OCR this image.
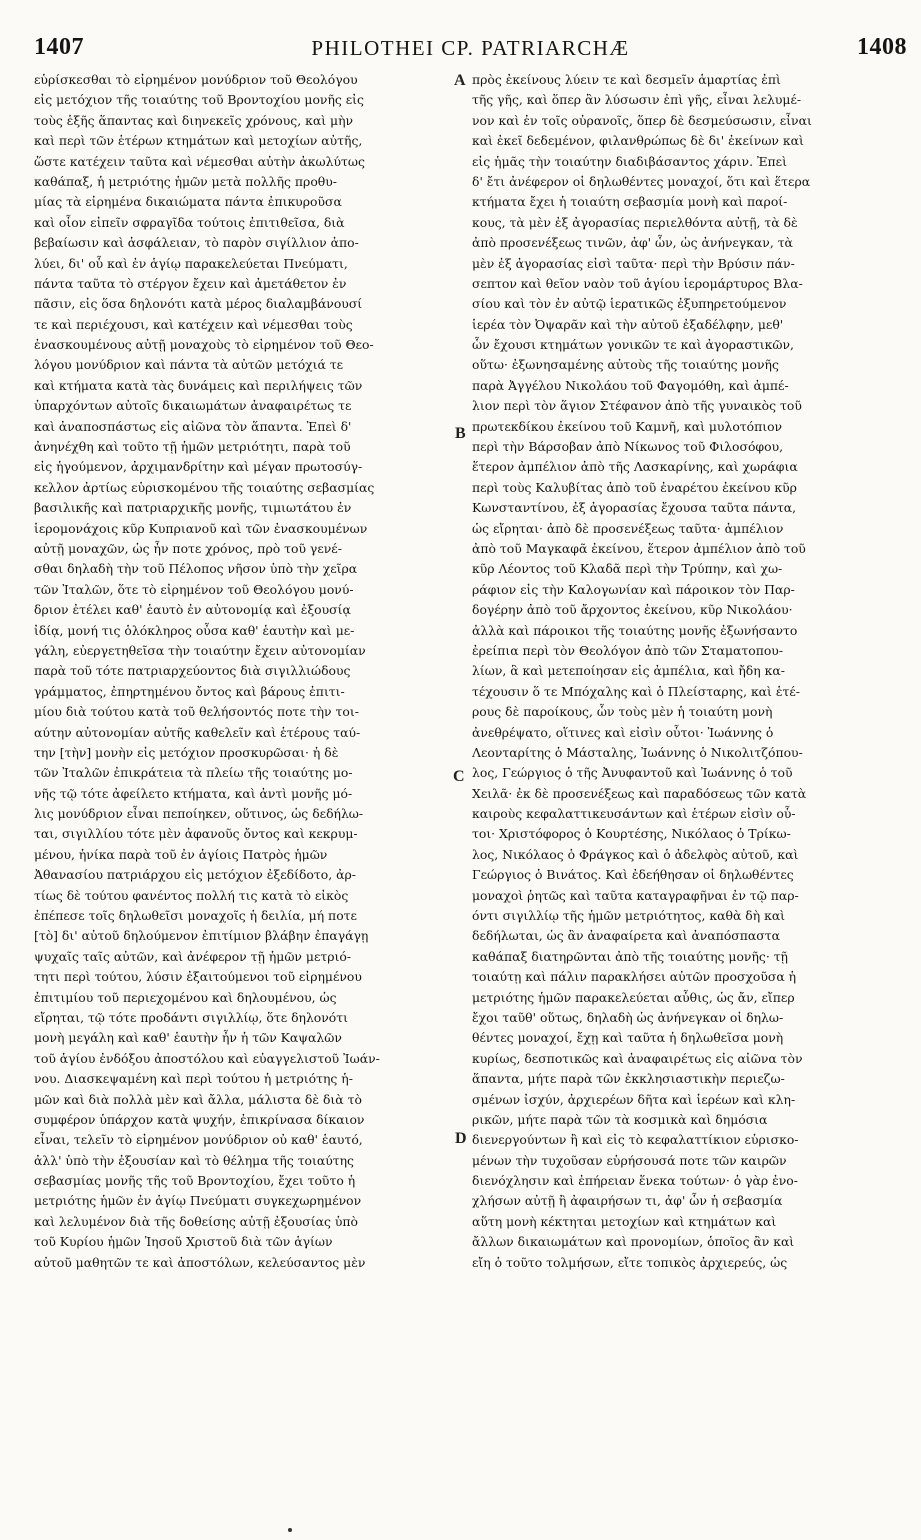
1407	PHILOTHEI CP. PATRIARCHÆ	1408
εὑρίσκεσθαι τὸ εἰρημένον μονύδριον τοῦ Θεολόγου
εἰς μετόχιον τῆς τοιαύτης τοῦ Βροντοχίου μονῆς εἰς
τοὺς ἑξῆς ἅπαντας καὶ διηνεκεῖς χρόνους, καὶ μὴν
καὶ περὶ τῶν ἑτέρων κτημάτων καὶ μετοχίων αὐτῆς,
ὥστε κατέχειν ταῦτα καὶ νέμεσθαι αὐτὴν ἀκωλύτως
καθάπαξ, ἡ μετριότης ἡμῶν μετὰ πολλῆς προθυ-
μίας τὰ εἰρημένα δικαιώματα πάντα ἐπικυροῦσα
καὶ οἷον εἰπεῖν σφραγῖδα τούτοις ἐπιτιθεῖσα, διὰ
βεβαίωσιν καὶ ἀσφάλειαν, τὸ παρὸν σιγίλλιον ἀπο-
λύει, δι' οὗ καὶ ἐν ἁγίῳ παρακελεύεται Πνεύματι,
πάντα ταῦτα τὸ στέργον ἔχειν καὶ ἀμετάθετον ἐν
πᾶσιν, εἰς ὅσα δηλονότι κατὰ μέρος διαλαμβάνουσί
τε καὶ περιέχουσι, καὶ κατέχειν καὶ νέμεσθαι τοὺς
ἐνασκουμένους αὐτῇ μοναχοὺς τὸ εἰρημένον τοῦ Θεο-
λόγου μονύδριον καὶ πάντα τὰ αὐτῶν μετόχιά τε
καὶ κτήματα κατὰ τὰς δυνάμεις καὶ περιλήψεις τῶν
ὑπαρχόντων αὐτοῖς δικαιωμάτων ἀναφαιρέτως τε
καὶ ἀναποσπάστως εἰς αἰῶνα τὸν ἅπαντα. Ἐπεὶ δ'
ἀνηνέχθη καὶ τοῦτο τῇ ἡμῶν μετριότητι, παρὰ τοῦ
εἰς ἡγούμενον, ἀρχιμανδρίτην καὶ μέγαν πρωτοσύγ-
κελλον ἀρτίως εὑρισκομένου τῆς τοιαύτης σεβασμίας
βασιλικῆς καὶ πατριαρχικῆς μονῆς, τιμιωτάτου ἐν
ἱερομονάχοις κῦρ Κυπριανοῦ καὶ τῶν ἐνασκουμένων
αὐτῇ μοναχῶν, ὡς ἦν ποτε χρόνος, πρὸ τοῦ γενέ-
σθαι δηλαδὴ τὴν τοῦ Πέλοπος νῆσον ὑπὸ τὴν χεῖρα
τῶν Ἰταλῶν, ὅτε τὸ εἰρημένον τοῦ Θεολόγου μονύ-
δριον ἐτέλει καθ' ἑαυτὸ ἐν αὐτονομίᾳ καὶ ἐξουσίᾳ
ἰδίᾳ, μονή τις ὁλόκληρος οὖσα καθ' ἑαυτὴν καὶ με-
γάλη, εὐεργετηθεῖσα τὴν τοιαύτην ἔχειν αὐτονομίαν
παρὰ τοῦ τότε πατριαρχεύοντος διὰ σιγιλλιώδους
γράμματος, ἐπηρτημένου ὄντος καὶ βάρους ἐπιτι-
μίου διὰ τούτου κατὰ τοῦ θελήσοντός ποτε τὴν τοι-
αύτην αὐτονομίαν αὐτῆς καθελεῖν καὶ ἑτέρους ταύ-
την [τὴν] μονὴν εἰς μετόχιον προσκυρῶσαι· ἡ δὲ
τῶν Ἰταλῶν ἐπικράτεια τὰ πλείω τῆς τοιαύτης μο-
νῆς τῷ τότε ἀφείλετο κτήματα, καὶ ἀντὶ μονῆς μό-
λις μονύδριον εἶναι πεποίηκεν, οὕτινος, ὡς δεδήλω-
ται, σιγιλλίου τότε μὲν ἀφανοῦς ὄντος καὶ κεκρυμ-
μένου, ἡνίκα παρὰ τοῦ ἐν ἁγίοις Πατρὸς ἡμῶν
Ἀθανασίου πατριάρχου εἰς μετόχιον ἐξεδίδοτο, ἀρ-
τίως δὲ τούτου φανέντος πολλή τις κατὰ τὸ εἰκὸς
ἐπέπεσε τοῖς δηλωθεῖσι μοναχοῖς ἡ δειλία, μή ποτε
[τὸ] δι' αὐτοῦ δηλούμενον ἐπιτίμιον βλάβην ἐπαγάγῃ
ψυχαῖς ταῖς αὐτῶν, καὶ ἀνέφερον τῇ ἡμῶν μετριό-
τητι περὶ τούτου, λύσιν ἐξαιτούμενοι τοῦ εἰρημένου
ἐπιτιμίου τοῦ περιεχομένου καὶ δηλουμένου, ὡς
εἴρηται, τῷ τότε προδάντι σιγιλλίῳ, ὅτε δηλονότι
μονὴ μεγάλη καὶ καθ' ἑαυτὴν ἦν ἡ τῶν Καψαλῶν
τοῦ ἁγίου ἐνδόξου ἀποστόλου καὶ εὐαγγελιστοῦ Ἰωάν-
νου. Διασκεψαμένη καὶ περὶ τούτου ἡ μετριότης ἡ-
μῶν καὶ διὰ πολλὰ μὲν καὶ ἄλλα, μάλιστα δὲ διὰ τὸ
συμφέρον ὑπάρχον κατὰ ψυχήν, ἐπικρίνασα δίκαιον
εἶναι, τελεῖν τὸ εἰρημένον μονύδριον οὐ καθ' ἑαυτό,
ἀλλ' ὑπὸ τὴν ἐξουσίαν καὶ τὸ θέλημα τῆς τοιαύτης
σεβασμίας μονῆς τῆς τοῦ Βροντοχίου, ἔχει τοῦτο ἡ
μετριότης ἡμῶν ἐν ἁγίῳ Πνεύματι συγκεχωρημένον
καὶ λελυμένον διὰ τῆς δοθείσης αὐτῇ ἐξουσίας ὑπὸ
τοῦ Κυρίου ἡμῶν Ἰησοῦ Χριστοῦ διὰ τῶν ἁγίων
αὐτοῦ μαθητῶν τε καὶ ἀποστόλων, κελεύσαντος μὲν
πρὸς ἐκείνους λύειν τε καὶ δεσμεῖν ἁμαρτίας ἐπὶ
τῆς γῆς, καὶ ὅπερ ἂν λύσωσιν ἐπὶ γῆς, εἶναι λελυμέ-
νον καὶ ἐν τοῖς οὐρανοῖς, ὅπερ δὲ δεσμεύσωσιν, εἶναι
καὶ ἐκεῖ δεδεμένον, φιλανθρώπως δὲ δι' ἐκείνων καὶ
εἰς ἡμᾶς τὴν τοιαύτην διαδιβάσαντος χάριν. Ἐπεὶ
δ' ἔτι ἀνέφερον οἱ δηλωθέντες μοναχοί, ὅτι καὶ ἕτερα
κτήματα ἔχει ἡ τοιαύτη σεβασμία μονὴ καὶ παροί-
κους, τὰ μὲν ἐξ ἀγορασίας περιελθόντα αὐτῇ, τὰ δὲ
ἀπὸ προσενέξεως τινῶν, ἀφ' ὧν, ὡς ἀνήνεγκαν, τὰ
μὲν ἐξ ἀγορασίας εἰσὶ ταῦτα· περὶ τὴν Βρύσιν πάν-
σεπτον καὶ θεῖον ναὸν τοῦ ἁγίου ἱερομάρτυρος Βλα-
σίου καὶ τὸν ἐν αὐτῷ ἱερατικῶς ἐξυπηρετούμενον
ἱερέα τὸν Ὀψαρᾶν καὶ τὴν αὐτοῦ ἐξαδέλφην, μεθ'
ὧν ἔχουσι κτημάτων γονικῶν τε καὶ ἀγοραστικῶν,
οὕτω· ἐξωνησαμένης αὐτοὺς τῆς τοιαύτης μονῆς
παρὰ Ἀγγέλου Νικολάου τοῦ Φαγομόθη, καὶ ἀμπέ-
λιον περὶ τὸν ἅγιον Στέφανον ἀπὸ τῆς γυναικὸς τοῦ
πρωτεκδίκου ἐκείνου τοῦ Καμνῆ, καὶ μυλοτόπιον
περὶ τὴν Βάρσοβαν ἀπὸ Νίκωνος τοῦ Φιλοσόφου,
ἕτερον ἀμπέλιον ἀπὸ τῆς Λασκαρίνης, καὶ χωράφια
περὶ τοὺς Καλυβίτας ἀπὸ τοῦ ἐναρέτου ἐκείνου κῦρ
Κωνσταντίνου, ἐξ ἀγορασίας ἔχουσα ταῦτα πάντα,
ὡς εἴρηται· ἀπὸ δὲ προσενέξεως ταῦτα· ἀμπέλιον
ἀπὸ τοῦ Μαγκαφᾶ ἐκείνου, ἕτερον ἀμπέλιον ἀπὸ τοῦ
κῦρ Λέοντος τοῦ Κλαδᾶ περὶ τὴν Τρύπην, καὶ χω-
ράφιον εἰς τὴν Καλογωνίαν καὶ πάροικον τὸν Παρ-
δογέρην ἀπὸ τοῦ ἄρχοντος ἐκείνου, κῦρ Νικολάου·
ἀλλὰ καὶ πάροικοι τῆς τοιαύτης μονῆς ἐξωνήσαντο
ἐρείπια περὶ τὸν Θεολόγον ἀπὸ τῶν Σταματοπου-
λίων, ἃ καὶ μετεποίησαν εἰς ἀμπέλια, καὶ ἤδη κα-
τέχουσιν ὅ τε Μπόχαλης καὶ ὁ Πλείσταρης, καὶ ἑτέ-
ρους δὲ παροίκους, ὧν τοὺς μὲν ἡ τοιαύτη μονὴ
ἀνεθρέψατο, οἵτινες καὶ εἰσὶν οὗτοι· Ἰωάννης ὁ
Λεονταρίτης ὁ Μάσταλης, Ἰωάννης ὁ Νικολιτζόπου-
λος, Γεώργιος ὁ τῆς Ἀνυφαντοῦ καὶ Ἰωάννης ὁ τοῦ
Χειλᾶ· ἐκ δὲ προσενέξεως καὶ παραδόσεως τῶν κατὰ
καιροὺς κεφαλαττικευσάντων καὶ ἑτέρων εἰσὶν οὗ-
τοι· Χριστόφορος ὁ Κουρτέσης, Νικόλαος ὁ Τρίκω-
λος, Νικόλαος ὁ Φράγκος καὶ ὁ ἀδελφὸς αὐτοῦ, καὶ
Γεώργιος ὁ Βινάτος. Καὶ ἐδεήθησαν οἱ δηλωθέντες
μοναχοὶ ῥητῶς καὶ ταῦτα καταγραφῆναι ἐν τῷ παρ-
όντι σιγιλλίῳ τῆς ἡμῶν μετριότητος, καθὰ δὴ καὶ
δεδήλωται, ὡς ἂν ἀναφαίρετα καὶ ἀναπόσπαστα
καθάπαξ διατηρῶνται ἀπὸ τῆς τοιαύτης μονῆς· τῇ
τοιαύτῃ καὶ πάλιν παρακλήσει αὐτῶν προσχοῦσα ἡ
μετριότης ἡμῶν παρακελεύεται αὖθις, ὡς ἄν, εἴπερ
ἔχοι ταῦθ' οὕτως, δηλαδὴ ὡς ἀνήνεγκαν οἱ δηλω-
θέντες μοναχοί, ἔχῃ καὶ ταῦτα ἡ δηλωθεῖσα μονὴ
κυρίως, δεσποτικῶς καὶ ἀναφαιρέτως εἰς αἰῶνα τὸν
ἅπαντα, μήτε παρὰ τῶν ἐκκλησιαστικὴν περιεζω-
σμένων ἰσχύν, ἀρχιερέων δῆτα καὶ ἱερέων καὶ κλη-
ρικῶν, μήτε παρὰ τῶν τὰ κοσμικὰ καὶ δημόσια
διενεργούντων ἢ καὶ εἰς τὸ κεφαλαττίκιον εὑρισκο-
μένων τὴν τυχοῦσαν εὑρήσουσά ποτε τῶν καιρῶν
διενόχλησιν καὶ ἐπήρειαν ἕνεκα τούτων· ὁ γὰρ ἐνο-
χλήσων αὐτῇ ἢ ἀφαιρήσων τι, ἀφ' ὧν ἡ σεβασμία
αὕτη μονὴ κέκτηται μετοχίων καὶ κτημάτων καὶ
ἄλλων δικαιωμάτων καὶ προνομίων, ὁποῖος ἂν καὶ
εἴη ὁ τοῦτο τολμήσων, εἴτε τοπικὸς ἀρχιερεύς, ὡς
A
B
C
D
